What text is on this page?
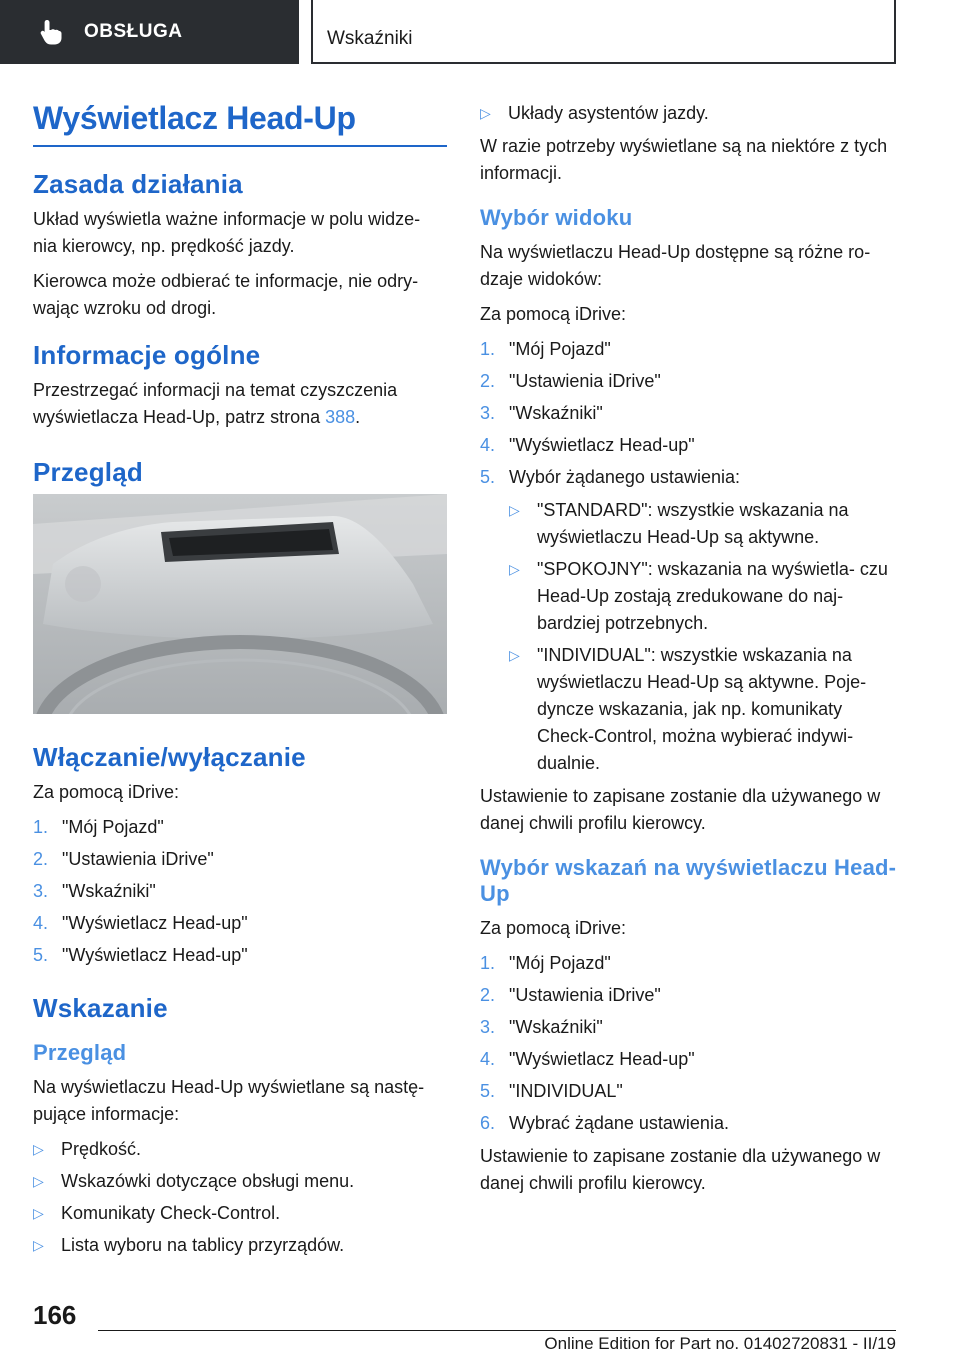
OBSŁUGA	Wskaźniki
Wyświetlacz Head-Up
Zasada działania

Układ wyświetla ważne informacje w polu widze- nia kierowcy, np. prędkość jazdy.

Kierowca może odbierać te informacje, nie odry- wając wzroku od drogi.

Informacje ogólne

Przestrzegać informacji na temat czyszczenia wyświetlacza Head-Up, patrz strona 388.

Przegląd
Włączanie/wyłączanie

Za pomocą iDrive:

1. "Mój Pojazd"
2. "Ustawienia iDrive"
3. "Wskaźniki"
4. "Wyświetlacz Head-up"
5. "Wyświetlacz Head-up"
Wskazanie
Przegląd

Na wyświetlaczu Head-Up wyświetlane są nastę- pujące informacje:

▷ Prędkość.
▷ Wskazówki dotyczące obsługi menu.
▷ Komunikaty Check-Control.
▷ Lista wyboru na tablicy przyrządów.
▷ Układy asystentów jazdy.

W razie potrzeby wyświetlane są na niektóre z tych informacji.

Wybór widoku

Na wyświetlaczu Head-Up dostępne są różne ro- dzaje widoków:

Za pomocą iDrive:

1. "Mój Pojazd"
2. "Ustawienia iDrive"
3. "Wskaźniki"
4. "Wyświetlacz Head-up"
5. Wybór żądanego ustawienia:
▷ "STANDARD": wszystkie wskazania na wyświetlaczu Head-Up są aktywne.
▷ "SPOKOJNY": wskazania na wyświetla- czu Head-Up zostają zredukowane do naj- bardziej potrzebnych.
▷ "INDIVIDUAL": wszystkie wskazania na wyświetlaczu Head-Up są aktywne. Poje- dyncze wskazania, jak np. komunikaty Check-Control, można wybierać indywi- dualnie.

Ustawienie to zapisane zostanie dla używanego w danej chwili profilu kierowcy.

Wybór wskazań na wyświetlaczu Head-Up

Za pomocą iDrive:

1. "Mój Pojazd"
2. "Ustawienia iDrive"
3. "Wskaźniki"
4. "Wyświetlacz Head-up"
5. "INDIVIDUAL"
6. Wybrać żądane ustawienia.

Ustawienie to zapisane zostanie dla używanego w danej chwili profilu kierowcy.

166
Online Edition for Part no. 01402720831 - II/19
